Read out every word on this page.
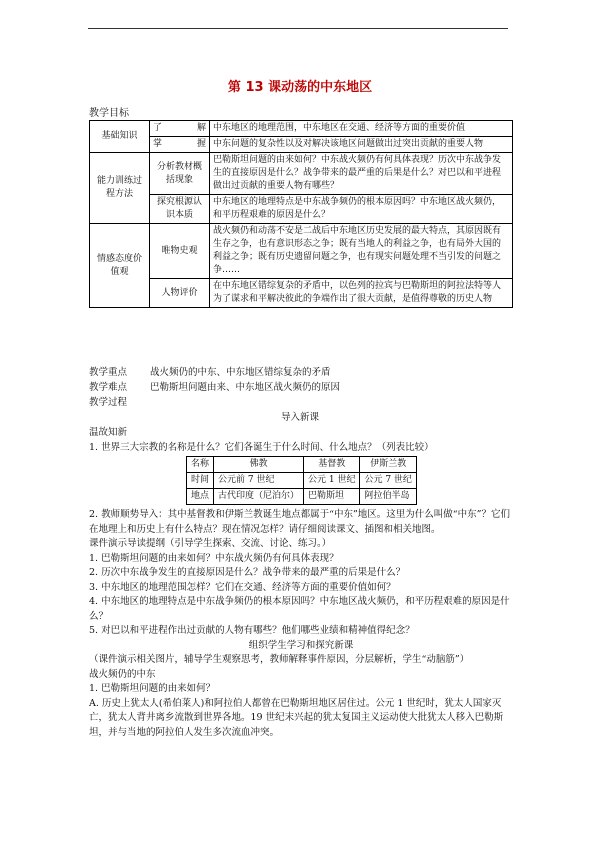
第 13 课动荡的中东地区
教学目标
基础知识	了 解	中东地区的地理范围，中东地区在交通、经济等方面的重要价值

	掌 握	中东问题的复杂性以及对解决该地区问题做出过突出贡献的重要人物
能力训练过程方法	分析教材概括现象	巴勒斯坦问题的由来如何？中东战火频仍有何具体表现？历次中东战争发生的直接原因是什么？战争带来的最严重的后果是什么？对巴以和平进程做出过贡献的重要人物有哪些？
	探究根源认识本质	中东地区的地理特点是中东战争频仍的根本原因吗？中东地区战火频仍，和平历程艰难的原因是什么？
情感态度价值观	唯物史观	战火频仍和动荡不安是二战后中东地区历史发展的最大特点，其原因既有生存之争，也有意识形态之争；既有当地人的利益之争，也有局外大国的利益之争；既有历史遗留问题之争，也有现实问题处理不当引发的问题之争……
	人物评价	在中东地区错综复杂的矛盾中，以色列的拉宾与巴勒斯坦的阿拉法特等人为了谋求和平解决彼此的争端作出了很大贡献，是值得尊敬的历史人物
教学重点 战火频仍的中东、中东地区错综复杂的矛盾
教学难点 巴勒斯坦问题由来、中东地区战火频仍的原因
教学过程
导入新课
温故知新
1. 世界三大宗教的名称是什么？它们各诞生于什么时间、什么地点？（列表比较）
名称	佛教	基督教	伊斯兰教
时间	公元前 7 世纪	公元 1 世纪	公元 7 世纪
地点	古代印度（尼泊尔）	巴勒斯坦	阿拉伯半岛

2. 教师顺势导入：其中基督教和伊斯兰教诞生地点都属于“中东”地区。这里为什么叫做“中东”？它们在地理上和历史上有什么特点？现在情况怎样？请仔细阅读课文、插图和相关地图。

课件演示导读提纲（引导学生探索、交流、讨论、练习。）

1. 巴勒斯坦问题的由来如何？中东战火频仍有何具体表现？

2. 历次中东战争发生的直接原因是什么？战争带来的最严重的后果是什么？

3. 中东地区的地理范围怎样？它们在交通、经济等方面的重要价值如何？

4. 中东地区的地理特点是中东战争频仍的根本原因吗？中东地区战火频仍，和平历程艰难的原因是什么？

5. 对巴以和平进程作出过贡献的人物有哪些？他们哪些业绩和精神值得纪念？

组织学生学习和探究新课

（课件演示相关图片，辅导学生观察思考，教师解释事件原因，分层解析，学生“动脑筋”）

战火频仍的中东

1. 巴勒斯坦问题的由来如何？

A. 历史上犹太人(希伯莱人)和阿拉伯人都曾在巴勒斯坦地区居住过。公元 1 世纪时，犹太人国家灭亡，犹太人背井离乡流散到世界各地。19 世纪末兴起的犹太复国主义运动使大批犹太人移入巴勒斯坦，并与当地的阿拉伯人发生多次流血冲突。
